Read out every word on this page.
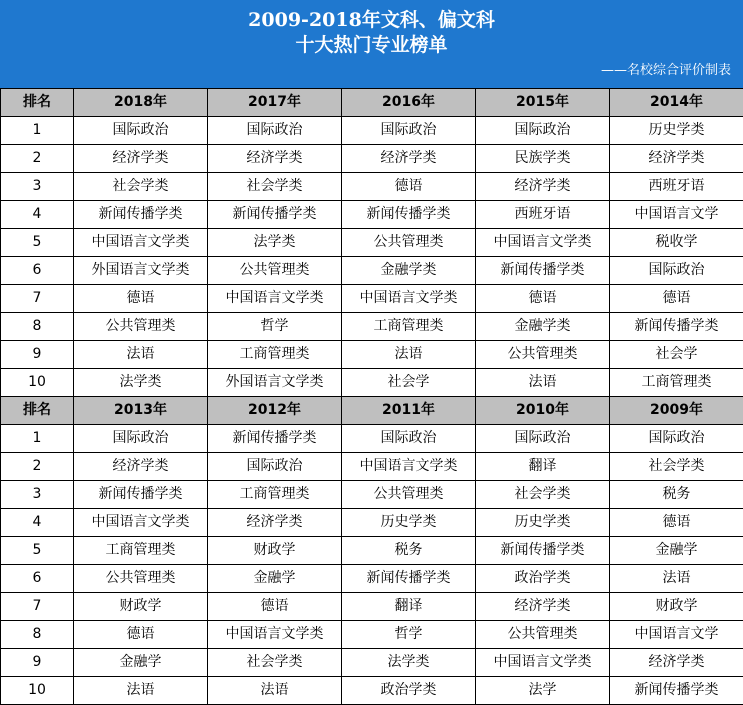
2009-2018年文科、偏文科
十大热门专业榜单
——名校综合评价制表
排名	2018年	2017年	2016年	2015年	2014年
1	国际政治	国际政治	国际政治	国际政治	历史学类
2	经济学类	经济学类	经济学类	民族学类	经济学类
3	社会学类	社会学类	德语	经济学类	西班牙语
4	新闻传播学类	新闻传播学类	新闻传播学类	西班牙语	中国语言文学
5	中国语言文学类	法学类	公共管理类	中国语言文学类	税收学
6	外国语言文学类	公共管理类	金融学类	新闻传播学类	国际政治
7	德语	中国语言文学类	中国语言文学类	德语	德语
8	公共管理类	哲学	工商管理类	金融学类	新闻传播学类
9	法语	工商管理类	法语	公共管理类	社会学
10	法学类	外国语言文学类	社会学	法语	工商管理类
排名	2013年	2012年	2011年	2010年	2009年
1	国际政治	新闻传播学类	国际政治	国际政治	国际政治
2	经济学类	国际政治	中国语言文学类	翻译	社会学类
3	新闻传播学类	工商管理类	公共管理类	社会学类	税务
4	中国语言文学类	经济学类	历史学类	历史学类	德语
5	工商管理类	财政学	税务	新闻传播学类	金融学
6	公共管理类	金融学	新闻传播学类	政治学类	法语
7	财政学	德语	翻译	经济学类	财政学
8	德语	中国语言文学类	哲学	公共管理类	中国语言文学
9	金融学	社会学类	法学类	中国语言文学类	经济学类
10	法语	法语	政治学类	法学	新闻传播学类
